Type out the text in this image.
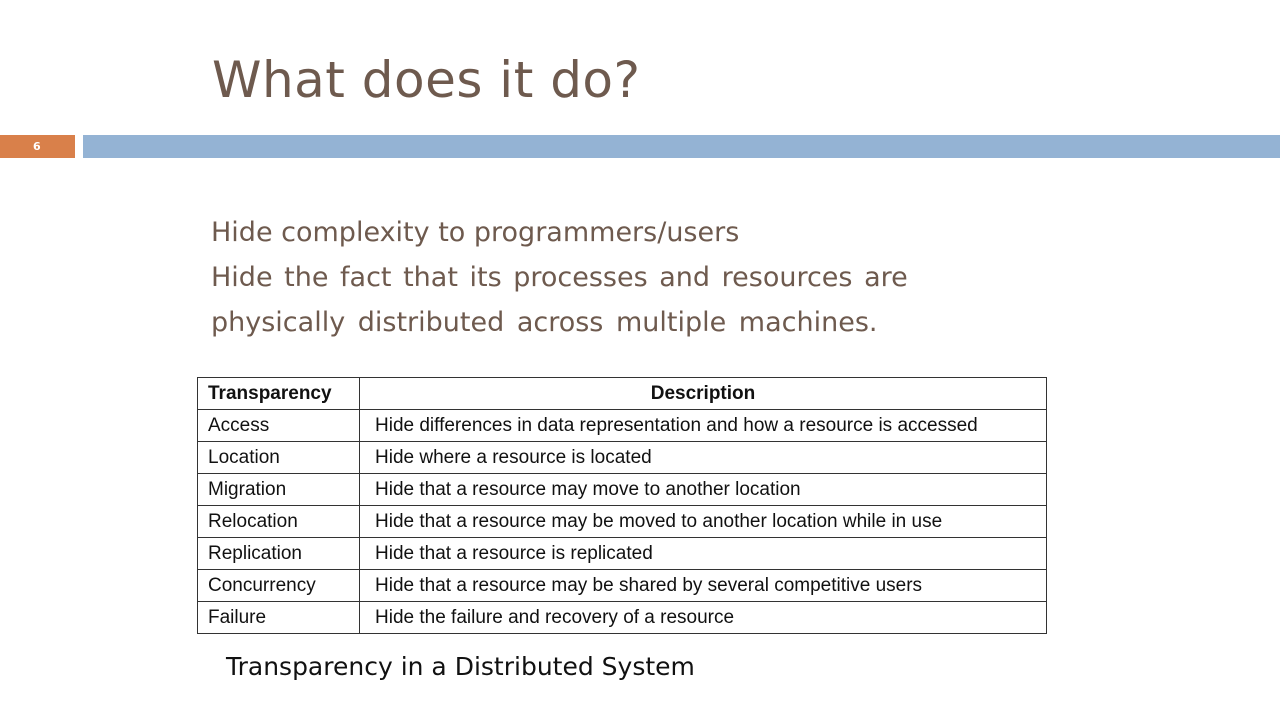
What does it do?
6
Hide complexity to programmers/users
Hide the fact that its processes and resources are
physically distributed across multiple machines.
Transparency	Description
Access	Hide differences in data representation and how a resource is accessed
Location	Hide where a resource is located
Migration	Hide that a resource may move to another location
Relocation	Hide that a resource may be moved to another location while in use
Replication	Hide that a resource is replicated
Concurrency	Hide that a resource may be shared by several competitive users
Failure	Hide the failure and recovery of a resource
Transparency in a Distributed System
